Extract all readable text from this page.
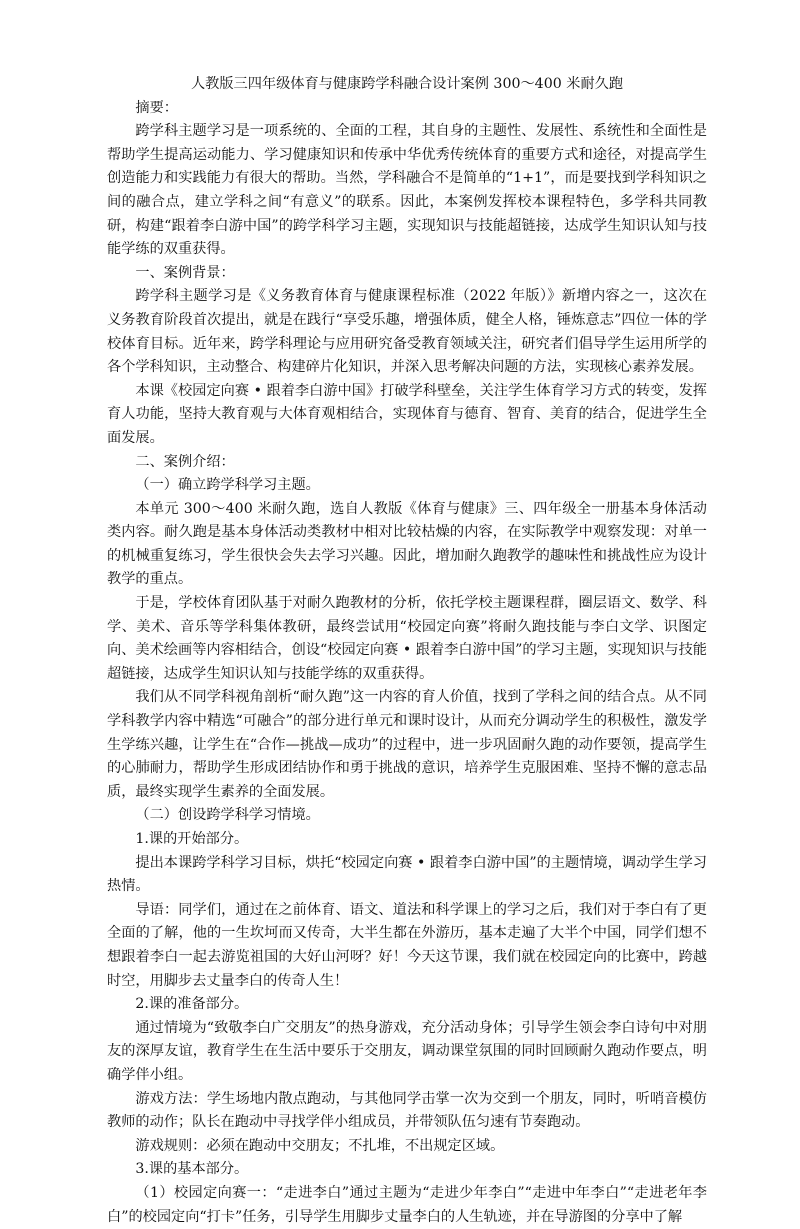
人教版三四年级体育与健康跨学科融合设计案例 300～400 米耐久跑

摘要：

跨学科主题学习是一项系统的、全面的工程，其自身的主题性、发展性、系统性和全面性是帮助学生提高运动能力、学习健康知识和传承中华优秀传统体育的重要方式和途径，对提高学生创造能力和实践能力有很大的帮助。当然，学科融合不是简单的“1+1”，而是要找到学科知识之间的融合点，建立学科之间“有意义”的联系。因此，本案例发挥校本课程特色，多学科共同教研，构建“跟着李白游中国”的跨学科学习主题，实现知识与技能超链接，达成学生知识认知与技能学练的双重获得。

一、案例背景：

跨学科主题学习是《义务教育体育与健康课程标准（2022 年版）》新增内容之一，这次在义务教育阶段首次提出，就是在践行“享受乐趣，增强体质，健全人格，锤炼意志”四位一体的学校体育目标。近年来，跨学科理论与应用研究备受教育领域关注，研究者们倡导学生运用所学的各个学科知识，主动整合、构建碎片化知识，并深入思考解决问题的方法，实现核心素养发展。

本课《校园定向赛 • 跟着李白游中国》打破学科壁垒，关注学生体育学习方式的转变，发挥育人功能，坚持大教育观与大体育观相结合，实现体育与德育、智育、美育的结合，促进学生全面发展。

二、案例介绍：

（一）确立跨学科学习主题。

本单元 300～400 米耐久跑，选自人教版《体育与健康》三、四年级全一册基本身体活动类内容。耐久跑是基本身体活动类教材中相对比较枯燥的内容，在实际教学中观察发现：对单一的机械重复练习，学生很快会失去学习兴趣。因此，增加耐久跑教学的趣味性和挑战性应为设计教学的重点。

于是，学校体育团队基于对耐久跑教材的分析，依托学校主题课程群，圈层语文、数学、科学、美术、音乐等学科集体教研，最终尝试用“校园定向赛”将耐久跑技能与李白文学、识图定向、美术绘画等内容相结合，创设“校园定向赛 • 跟着李白游中国”的学习主题，实现知识与技能超链接，达成学生知识认知与技能学练的双重获得。

我们从不同学科视角剖析“耐久跑”这一内容的育人价值，找到了学科之间的结合点。从不同学科教学内容中精选“可融合”的部分进行单元和课时设计，从而充分调动学生的积极性，激发学生学练兴趣，让学生在“合作—挑战—成功”的过程中，进一步巩固耐久跑的动作要领，提高学生的心肺耐力，帮助学生形成团结协作和勇于挑战的意识，培养学生克服困难、坚持不懈的意志品质，最终实现学生素养的全面发展。

（二）创设跨学科学习情境。

1.课的开始部分。

提出本课跨学科学习目标，烘托“校园定向赛 • 跟着李白游中国”的主题情境，调动学生学习热情。

导语：同学们，通过在之前体育、语文、道法和科学课上的学习之后，我们对于李白有了更全面的了解，他的一生坎坷而又传奇，大半生都在外游历，基本走遍了大半个中国，同学们想不想跟着李白一起去游览祖国的大好山河呀？好！今天这节课，我们就在校园定向的比赛中，跨越时空，用脚步去丈量李白的传奇人生！

2.课的准备部分。

通过情境为“致敬李白广交朋友”的热身游戏，充分活动身体；引导学生领会李白诗句中对朋友的深厚友谊，教育学生在生活中要乐于交朋友，调动课堂氛围的同时回顾耐久跑动作要点，明确学伴小组。

游戏方法：学生场地内散点跑动，与其他同学击掌一次为交到一个朋友，同时，听哨音模仿教师的动作；队长在跑动中寻找学伴小组成员，并带领队伍匀速有节奏跑动。

游戏规则：必须在跑动中交朋友；不扎堆，不出规定区域。

3.课的基本部分。

（1）校园定向赛一：“走进李白”通过主题为“走进少年李白”“走进中年李白”“走进老年李白”的校园定向“打卡”任务，引导学生用脚步丈量李白的人生轨迹，并在导游图的分享中了解
